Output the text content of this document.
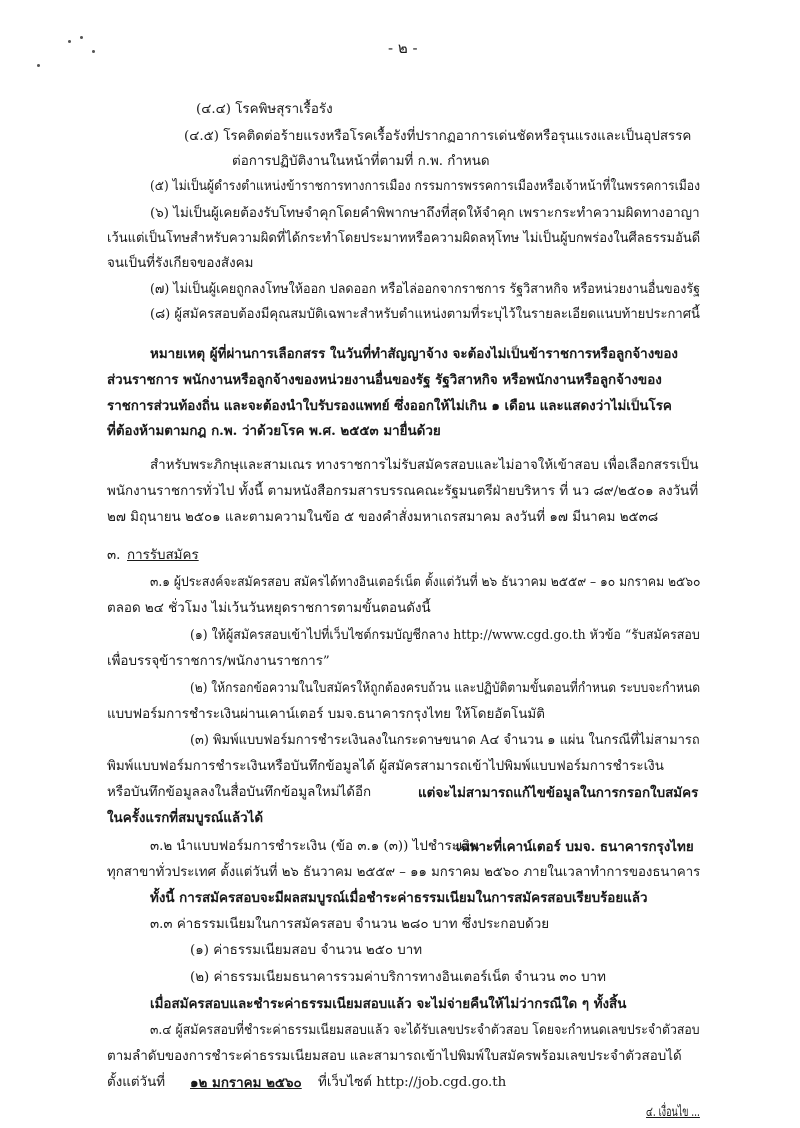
- ๒ -
(๔.๔) โรคพิษสุราเรื้อรัง
(๔.๕) โรคติดต่อร้ายแรงหรือโรคเรื้อรังที่ปรากฏอาการเด่นชัดหรือรุนแรงและเป็นอุปสรรค
ต่อการปฏิบัติงานในหน้าที่ตามที่ ก.พ. กำหนด
(๕) ไม่เป็นผู้ดำรงตำแหน่งข้าราชการทางการเมือง กรรมการพรรคการเมืองหรือเจ้าหน้าที่ในพรรคการเมือง
(๖) ไม่เป็นผู้เคยต้องรับโทษจำคุกโดยคำพิพากษาถึงที่สุดให้จำคุก เพราะกระทำความผิดทางอาญา
เว้นแต่เป็นโทษสำหรับความผิดที่ได้กระทำโดยประมาทหรือความผิดลหุโทษ ไม่เป็นผู้บกพร่องในศีลธรรมอันดี
จนเป็นที่รังเกียจของสังคม
(๗) ไม่เป็นผู้เคยถูกลงโทษให้ออก ปลดออก หรือไล่ออกจากราชการ รัฐวิสาหกิจ หรือหน่วยงานอื่นของรัฐ
(๘) ผู้สมัครสอบต้องมีคุณสมบัติเฉพาะสำหรับตำแหน่งตามที่ระบุไว้ในรายละเอียดแนบท้ายประกาศนี้
หมายเหตุ ผู้ที่ผ่านการเลือกสรร ในวันที่ทำสัญญาจ้าง จะต้องไม่เป็นข้าราชการหรือลูกจ้างของ
ส่วนราชการ พนักงานหรือลูกจ้างของหน่วยงานอื่นของรัฐ รัฐวิสาหกิจ หรือพนักงานหรือลูกจ้างของ
ราชการส่วนท้องถิ่น และจะต้องนำใบรับรองแพทย์ ซึ่งออกให้ไม่เกิน ๑ เดือน และแสดงว่าไม่เป็นโรค
ที่ต้องห้ามตามกฎ ก.พ. ว่าด้วยโรค พ.ศ. ๒๕๕๓ มายื่นด้วย
สำหรับพระภิกษุและสามเณร ทางราชการไม่รับสมัครสอบและไม่อาจให้เข้าสอบ เพื่อเลือกสรรเป็น
พนักงานราชการทั่วไป ทั้งนี้ ตามหนังสือกรมสารบรรณคณะรัฐมนตรีฝ่ายบริหาร ที่ นว ๘๙/๒๕๐๑ ลงวันที่
๒๗ มิถุนายน ๒๕๐๑ และตามความในข้อ ๕ ของคำสั่งมหาเถรสมาคม ลงวันที่ ๑๗ มีนาคม ๒๕๓๘
๓. การรับสมัคร
๓.๑ ผู้ประสงค์จะสมัครสอบ สมัครได้ทางอินเตอร์เน็ต ตั้งแต่วันที่ ๒๖ ธันวาคม ๒๕๕๙ – ๑๐ มกราคม ๒๕๖๐
ตลอด ๒๔ ชั่วโมง ไม่เว้นวันหยุดราชการตามขั้นตอนดังนี้
(๑) ให้ผู้สมัครสอบเข้าไปที่เว็บไซต์กรมบัญชีกลาง http://www.cgd.go.th หัวข้อ “รับสมัครสอบ
เพื่อบรรจุข้าราชการ/พนักงานราชการ”
(๒) ให้กรอกข้อความในใบสมัครให้ถูกต้องครบถ้วน และปฏิบัติตามขั้นตอนที่กำหนด ระบบจะกำหนด
แบบฟอร์มการชำระเงินผ่านเคาน์เตอร์ บมจ.ธนาคารกรุงไทย ให้โดยอัตโนมัติ
(๓) พิมพ์แบบฟอร์มการชำระเงินลงในกระดาษขนาด A๔ จำนวน ๑ แผ่น ในกรณีที่ไม่สามารถ
พิมพ์แบบฟอร์มการชำระเงินหรือบันทึกข้อมูลได้ ผู้สมัครสามารถเข้าไปพิมพ์แบบฟอร์มการชำระเงิน
หรือบันทึกข้อมูลลงในสื่อบันทึกข้อมูลใหม่ได้อีก	แต่จะไม่สามารถแก้ไขข้อมูลในการกรอกใบสมัคร
ในครั้งแรกที่สมบูรณ์แล้วได้
๓.๒ นำแบบฟอร์มการชำระเงิน (ข้อ ๓.๑ (๓)) ไปชำระเงิน
เฉพาะที่เคาน์เตอร์ บมจ. ธนาคารกรุงไทย
ทุกสาขาทั่วประเทศ ตั้งแต่วันที่ ๒๖ ธันวาคม ๒๕๕๙ – ๑๑ มกราคม ๒๕๖๐ ภายในเวลาทำการของธนาคาร
ทั้งนี้ การสมัครสอบจะมีผลสมบูรณ์เมื่อชำระค่าธรรมเนียมในการสมัครสอบเรียบร้อยแล้ว
๓.๓ ค่าธรรมเนียมในการสมัครสอบ จำนวน ๒๘๐ บาท ซึ่งประกอบด้วย
(๑) ค่าธรรมเนียมสอบ จำนวน ๒๕๐ บาท
(๒) ค่าธรรมเนียมธนาคารรวมค่าบริการทางอินเตอร์เน็ต จำนวน ๓๐ บาท
เมื่อสมัครสอบและชำระค่าธรรมเนียมสอบแล้ว จะไม่จ่ายคืนให้ไม่ว่ากรณีใด ๆ ทั้งสิ้น
๓.๔ ผู้สมัครสอบที่ชำระค่าธรรมเนียมสอบแล้ว จะได้รับเลขประจำตัวสอบ โดยจะกำหนดเลขประจำตัวสอบ
ตามลำดับของการชำระค่าธรรมเนียมสอบ และสามารถเข้าไปพิมพ์ใบสมัครพร้อมเลขประจำตัวสอบได้
ตั้งแต่วันที่ ๑๒ มกราคม ๒๕๖๐ ที่เว็บไซต์ http://job.cgd.go.th
๔. เงื่อนไข ...
